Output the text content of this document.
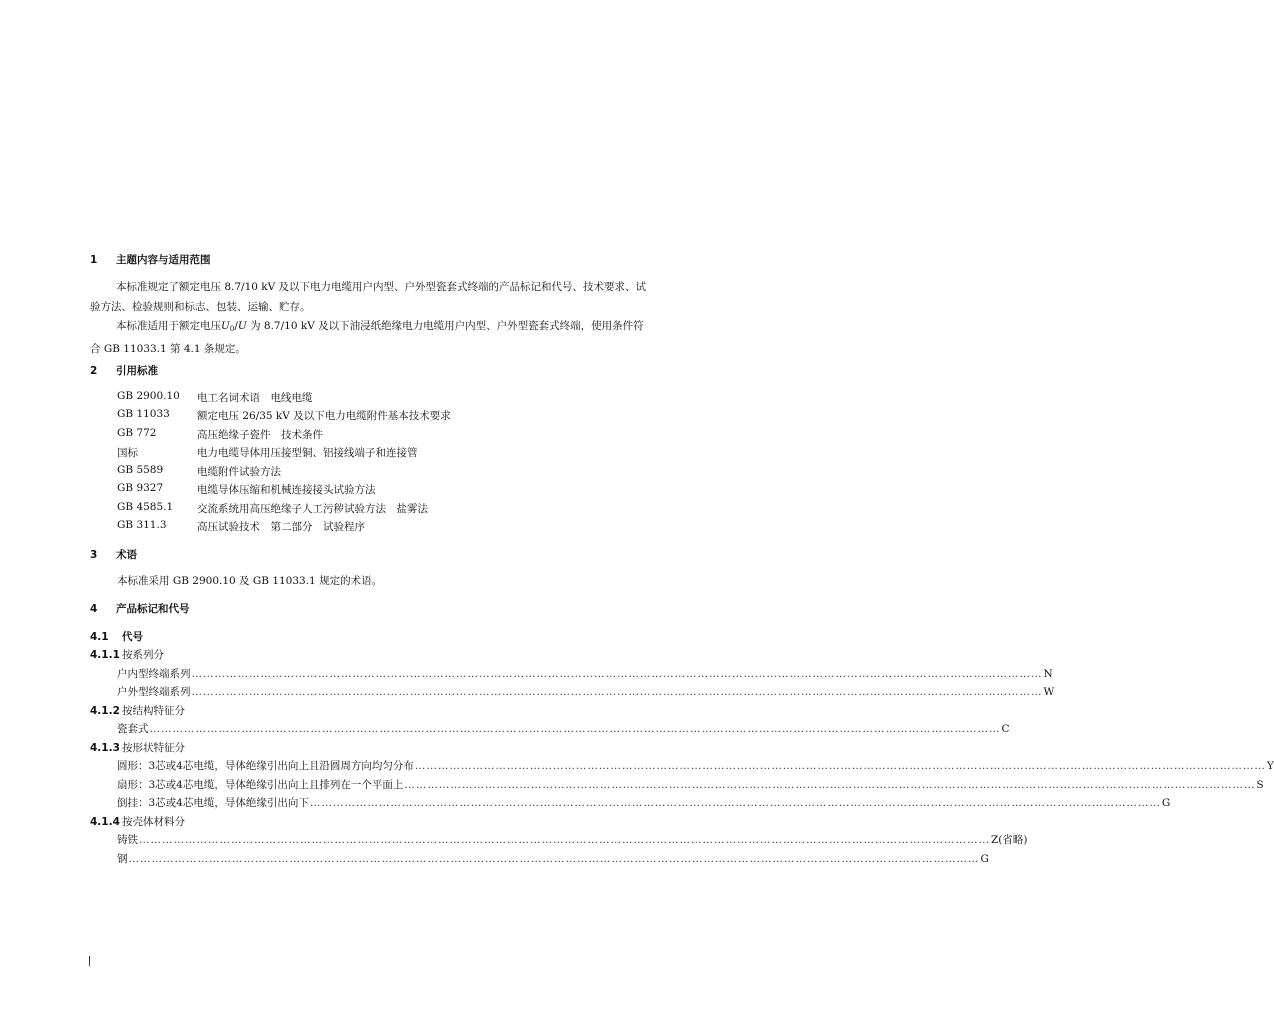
1 主题内容与适用范围
本标准规定了额定电压 8.7/10 kV 及以下电力电缆用户内型、户外型瓷套式终端的产品标记和代号、技术要求、试验方法、检验规则和标志、包装、运输、贮存。
本标准适用于额定电压$U_0/U$ 为 8.7/10 kV 及以下油浸纸绝缘电力电缆用户内型、户外型瓷套式终端，使用条件符合 GB 11033.1 第 4.1 条规定。
2 引用标准
GB 2900.10 电工名词术语　电线电缆
GB 11033	额定电压 26/35 kV 及以下电力电缆附件基本技术要求
GB 772	高压绝缘子瓷件　技术条件
国标	电力电缆导体用压接型铜、铝接线端子和连接管
GB 5589	电缆附件试验方法
GB 9327	电缆导体压缩和机械连接接头试验方法
GB 4585.1 交流系统用高压绝缘子人工污秽试验方法　盐雾法
GB 311.3	高压试验技术　第二部分　试验程序
3 术语
本标准采用 GB 2900.10 及 GB 11033.1 规定的术语。
4 产品标记和代号
4.1 代号
4.1.1 按系列分
户内型终端系列 …………………………………………………………………………………………………………………………………………………………………………………………………… N
户外型终端系列 …………………………………………………………………………………………………………………………………………………………………………………………………… W
4.1.2 按结构特征分
瓷套式 …………………………………………………………………………………………………………………………………………………………………………………………………… C
4.1.3 按形状特征分
圆形：3芯或4芯电缆，导体绝缘引出向上且沿圆周方向均匀分布 …………………………………………………………………………………………………………………………………………………………………………………………………… Y
扇形：3芯或4芯电缆，导体绝缘引出向上且排列在一个平面上 …………………………………………………………………………………………………………………………………………………………………………………………………… S
倒挂：3芯或4芯电缆，导体绝缘引出向下 …………………………………………………………………………………………………………………………………………………………………………………………………… G
4.1.4 按壳体材料分
铸铁 …………………………………………………………………………………………………………………………………………………………………………………………………… Z(省略)
钢 …………………………………………………………………………………………………………………………………………………………………………………………………… G
